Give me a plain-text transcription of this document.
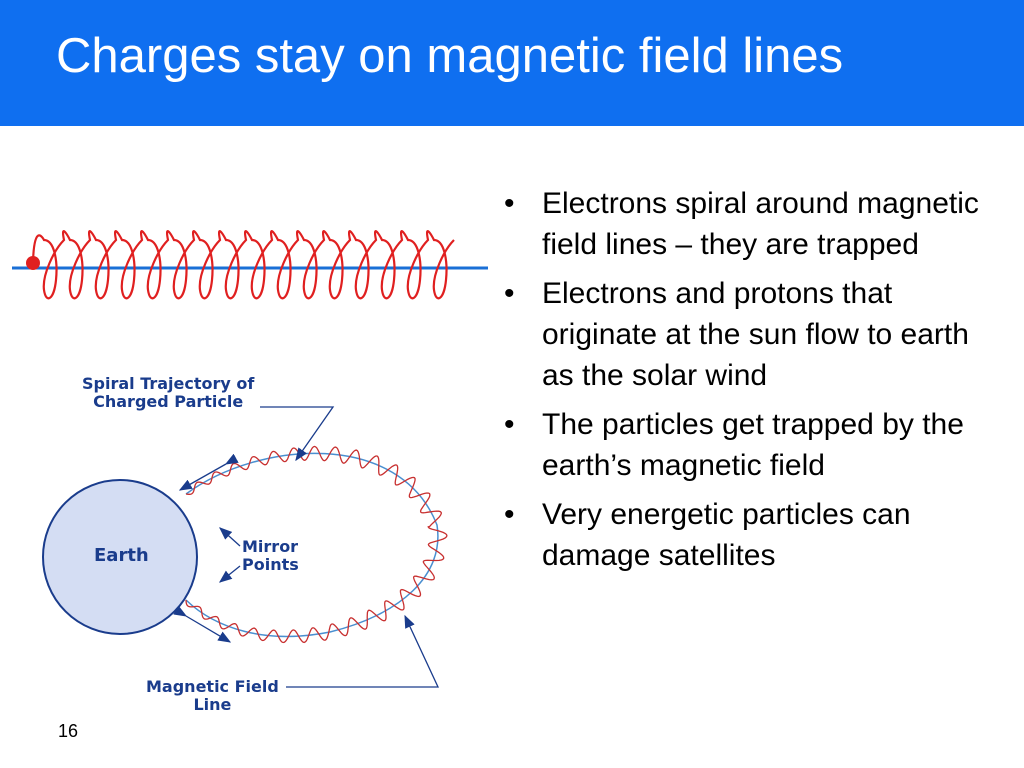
Charges stay on magnetic field lines
Spiral Trajectory of
Charged Particle
Earth	Mirror
Points
Magnetic Field
Line
• Electrons spiral around magnetic field lines – they are trapped
• Electrons and protons that originate at the sun flow to earth as the solar wind
• The particles get trapped by the earth’s magnetic field
• Very energetic particles can damage satellites
16
